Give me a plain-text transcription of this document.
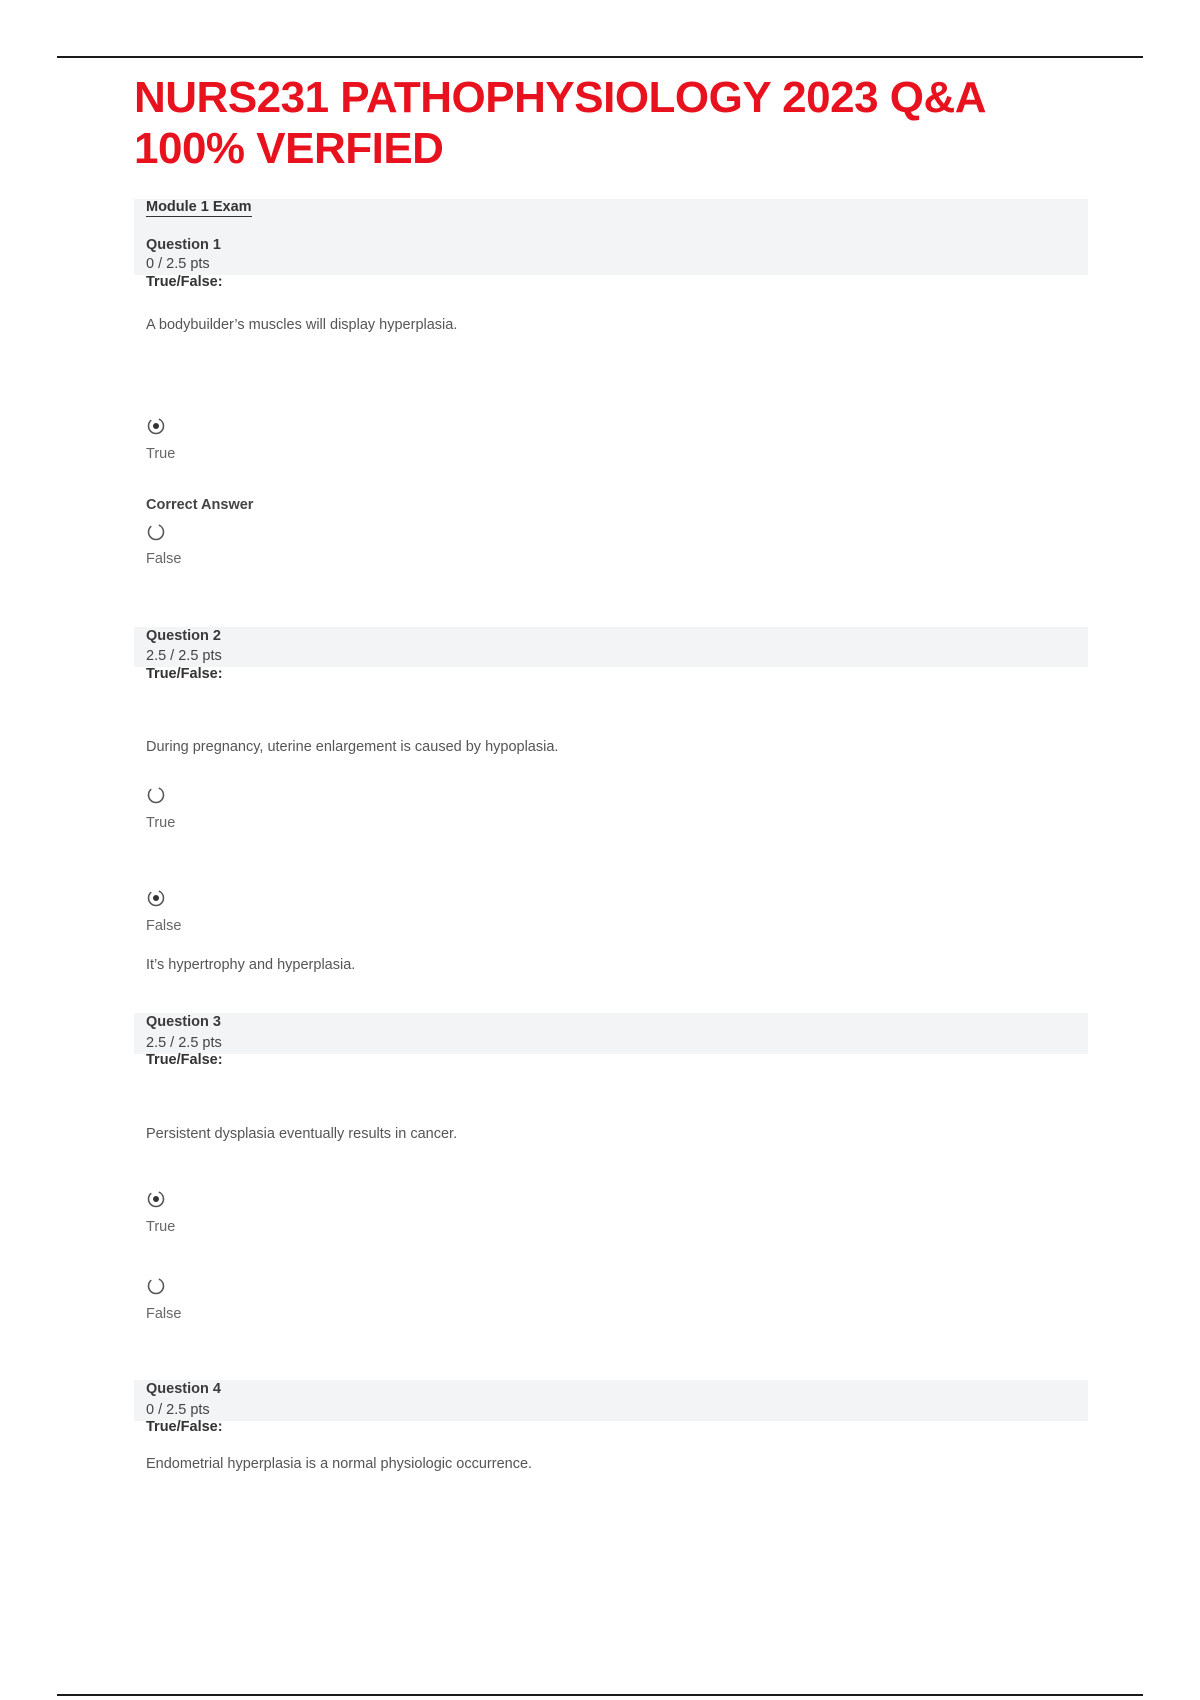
NURS231 PATHOPHYSIOLOGY 2023 Q&A
100% VERFIED
Module 1 Exam
Question 1
0 / 2.5 pts
True/False:
A bodybuilder’s muscles will display hyperplasia.
True
Correct Answer
False
Question 2
2.5 / 2.5 pts
True/False:
During pregnancy, uterine enlargement is caused by hypoplasia.
True
False
It’s hypertrophy and hyperplasia.
Question 3
2.5 / 2.5 pts
True/False:
Persistent dysplasia eventually results in cancer.
True
False
Question 4
0 / 2.5 pts
True/False:
Endometrial hyperplasia is a normal physiologic occurrence.
